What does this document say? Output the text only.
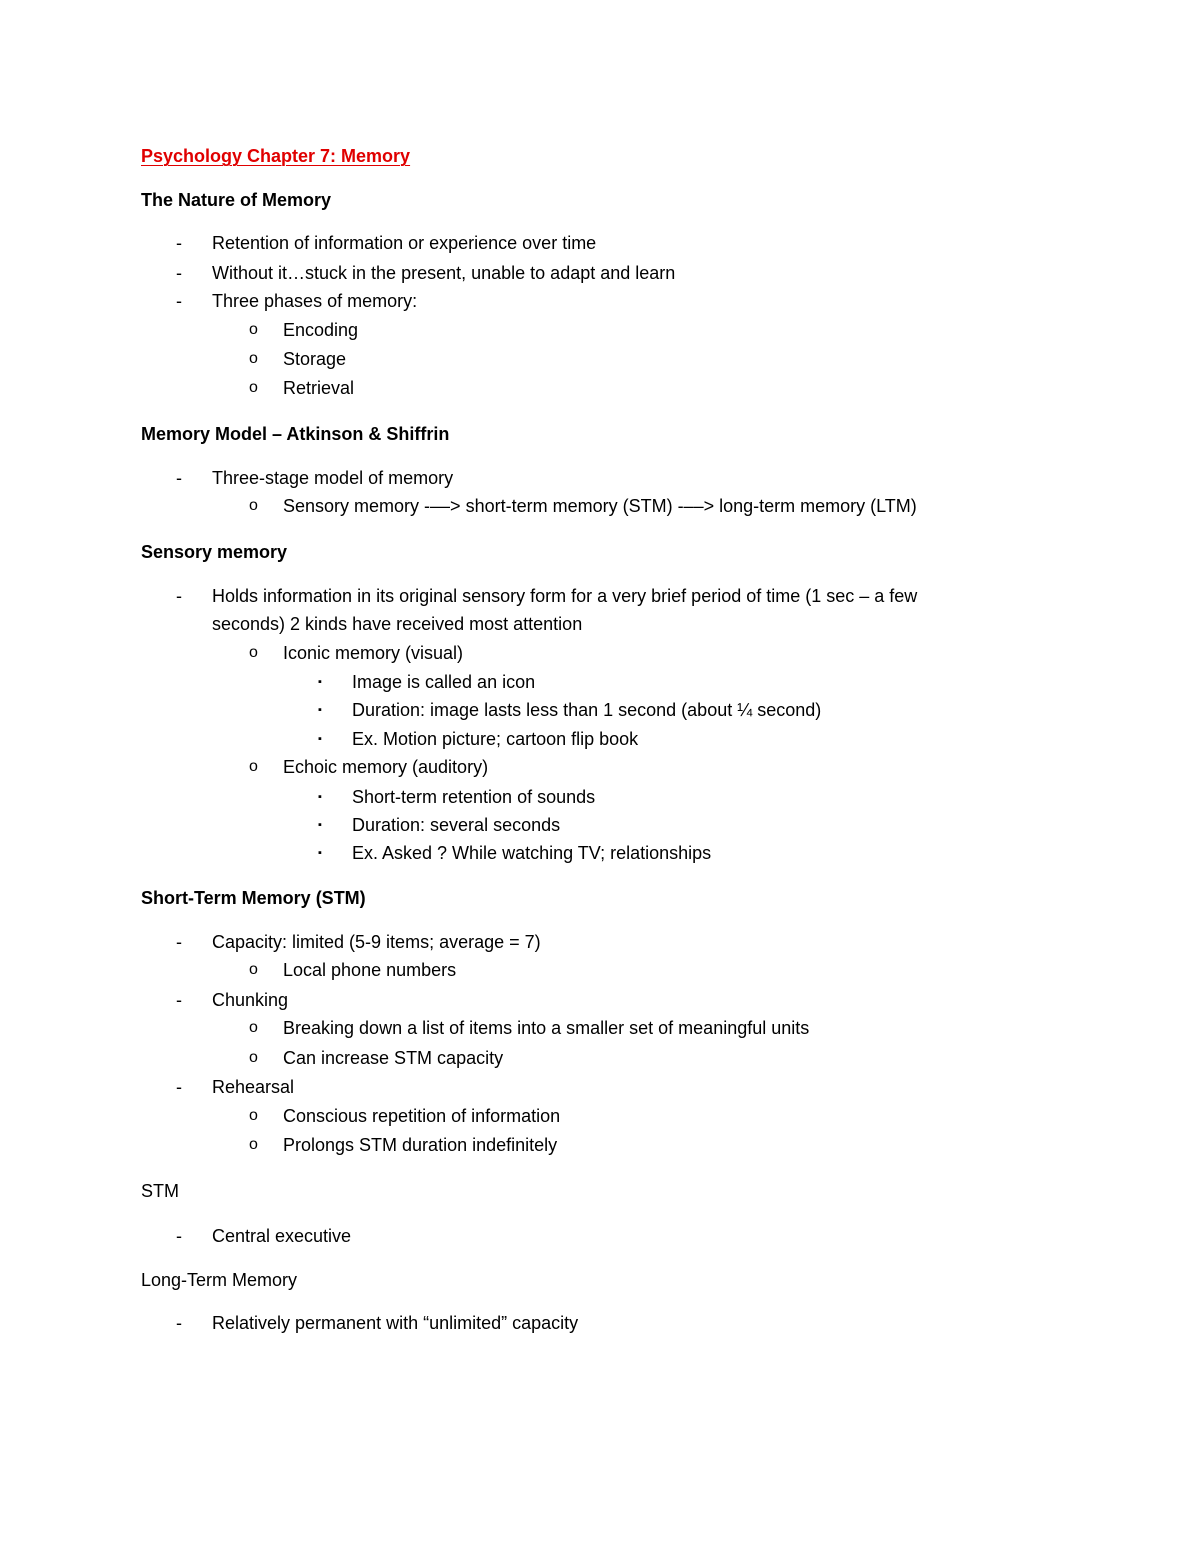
Psychology Chapter 7: Memory
The Nature of Memory
- Retention of information or experience over time
- Without it…stuck in the present, unable to adapt and learn
- Three phases of memory:
o Encoding
o Storage
o Retrieval
Memory Model – Atkinson & Shiffrin
- Three-stage model of memory
o Sensory memory -––> short-term memory (STM) -––> long-term memory (LTM)
Sensory memory
- Holds information in its original sensory form for a very brief period of time (1 sec – a few
seconds) 2 kinds have received most attention
o Iconic memory (visual)
▪ Image is called an icon
▪ Duration: image lasts less than 1 second (about ¼ second)
▪ Ex. Motion picture; cartoon flip book
o Echoic memory (auditory)
▪ Short-term retention of sounds
▪ Duration: several seconds
▪ Ex. Asked ? While watching TV; relationships
Short-Term Memory (STM)
- Capacity: limited (5-9 items; average = 7)
o Local phone numbers
- Chunking
o Breaking down a list of items into a smaller set of meaningful units
o Can increase STM capacity
- Rehearsal
o Conscious repetition of information
o Prolongs STM duration indefinitely
STM
- Central executive
Long-Term Memory
- Relatively permanent with “unlimited” capacity
